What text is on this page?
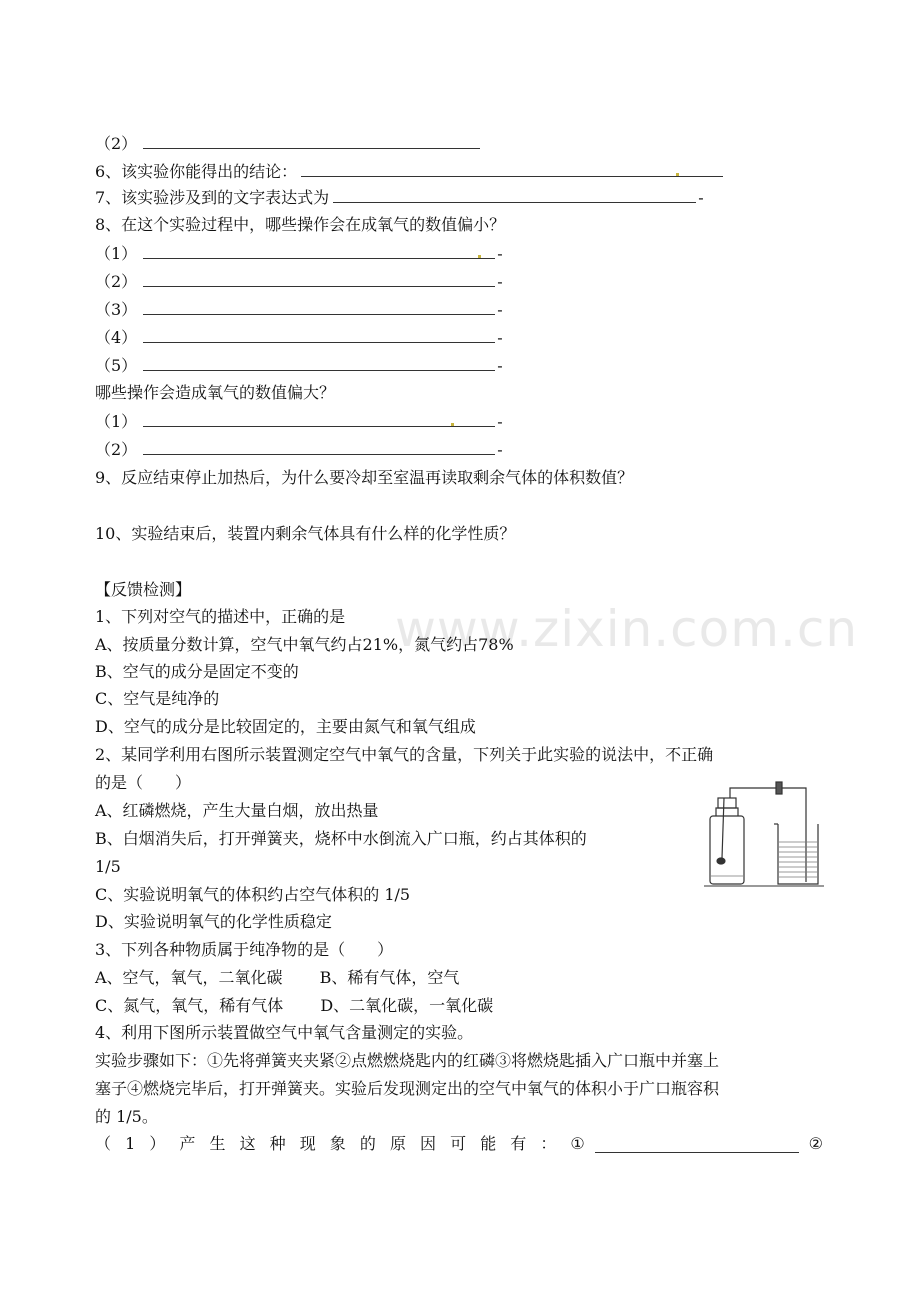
www.zixin.com.cn
（2）
6、该实验你能得出的结论：
7、该实验涉及到的文字表达式为	-
8、在这个实验过程中，哪些操作会在成氧气的数值偏小？
（1）	-
（2）	-
（3）	-
（4）	-
（5）	-
哪些操作会造成氧气的数值偏大？
（1）	-
（2）	-
9、反应结束停止加热后，为什么要冷却至室温再读取剩余气体的体积数值？
10、实验结束后，装置内剩余气体具有什么样的化学性质？
【反馈检测】
1、下列对空气的描述中，正确的是
A、按质量分数计算，空气中氧气约占21%，氮气约占78%
B、空气的成分是固定不变的
C、空气是纯净的
D、空气的成分是比较固定的，主要由氮气和氧气组成
2、某同学利用右图所示装置测定空气中氧气的含量，下列关于此实验的说法中，不正确
的是（　　）
A、红磷燃烧，产生大量白烟，放出热量
B、白烟消失后，打开弹簧夹，烧杯中水倒流入广口瓶，约占其体积的
1/5
C、实验说明氧气的体积约占空气体积的 1/5
D、实验说明氧气的化学性质稳定
3、下列各种物质属于纯净物的是（　　）
A、空气，氧气，二氧化碳　　 B、稀有气体，空气
C、氮气，氧气，稀有气体　　 D、二氧化碳，一氧化碳
4、利用下图所示装置做空气中氧气含量测定的实验。
实验步骤如下：①先将弹簧夹夹紧②点燃燃烧匙内的红磷③将燃烧匙插入广口瓶中并塞上
塞子④燃烧完毕后，打开弹簧夹。实验后发现测定出的空气中氧气的体积小于广口瓶容积
的 1/5。
（ 1 ） 产 生 这 种 现 象 的 原 因 可 能 有 ： ①	②
